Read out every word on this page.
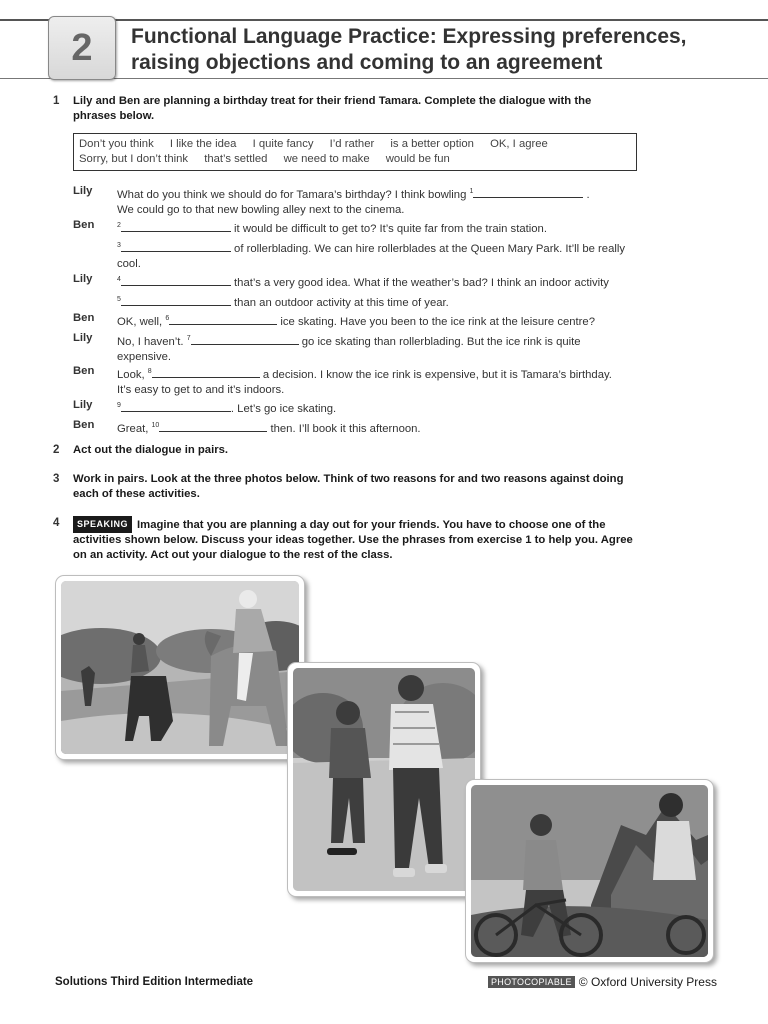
2	Functional Language Practice: Expressing preferences,
raising objections and coming to an agreement
1 Lily and Ben are planning a birthday treat for their friend Tamara. Complete the dialogue with the
phrases below.
Don’t you think I like the idea I quite fancy I’d rather is a better option OK, I agree
Sorry, but I don’t think that’s settled we need to make would be fun
Lily What do you think we should do for Tamara’s birthday? I think bowling $^1$	.
We could go to that new bowling alley next to the cinema.
Ben	$^2$	it would be difficult to get to? It’s quite far from the train station.
$^3$	of rollerblading. We can hire rollerblades at the Queen Mary Park. It’ll be really
cool.
Lily	$^4$	that’s a very good idea. What if the weather’s bad? I think an indoor activity
$^5$	than an outdoor activity at this time of year.
Ben OK, well, $^6$	ice skating. Have you been to the ice rink at the leisure centre?
Lily No, I haven’t. $^7$	go ice skating than rollerblading. But the ice rink is quite
expensive.
Ben Look, $^8$	a decision. I know the ice rink is expensive, but it is Tamara’s birthday.
It’s easy to get to and it’s indoors.
Lily	$^9$	. Let’s go ice skating.
Ben Great, $^{10}$	then. I’ll book it this afternoon.
2 Act out the dialogue in pairs.
3 Work in pairs. Look at the three photos below. Think of two reasons for and two reasons against doing
each of these activities.
4	SPEAKING Imagine that you are planning a day out for your friends. You have to choose one of the
activities shown below. Discuss your ideas together. Use the phrases from exercise 1 to help you. Agree
on an activity. Act out your dialogue to the rest of the class.
Solutions Third Edition Intermediate	PHOTOCOPIABLE © Oxford University Press
